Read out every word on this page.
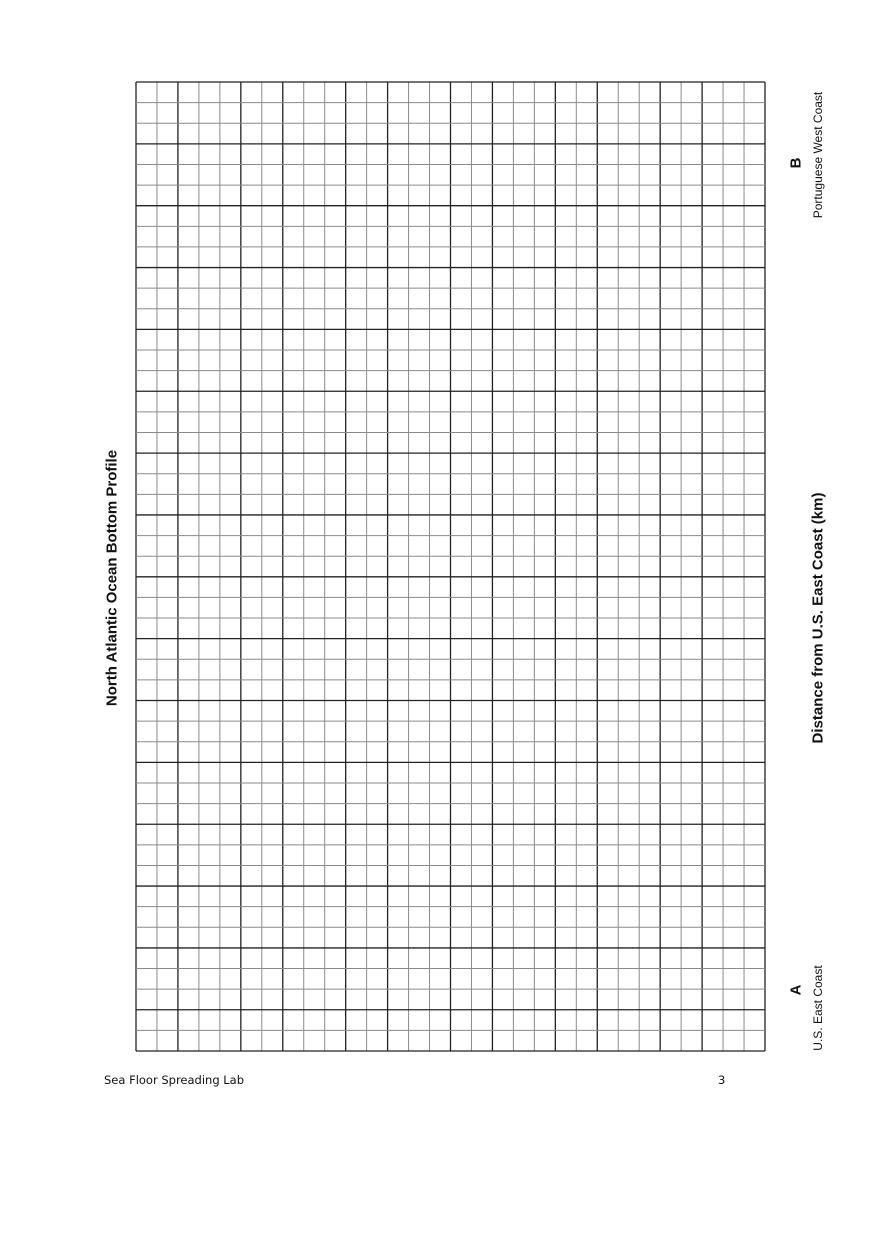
North Atlantic Ocean Bottom Profile	Distance from U.S. East Coast (km)
B Portuguese West Coast
A U.S. East Coast
Sea Floor Spreading Lab	3
